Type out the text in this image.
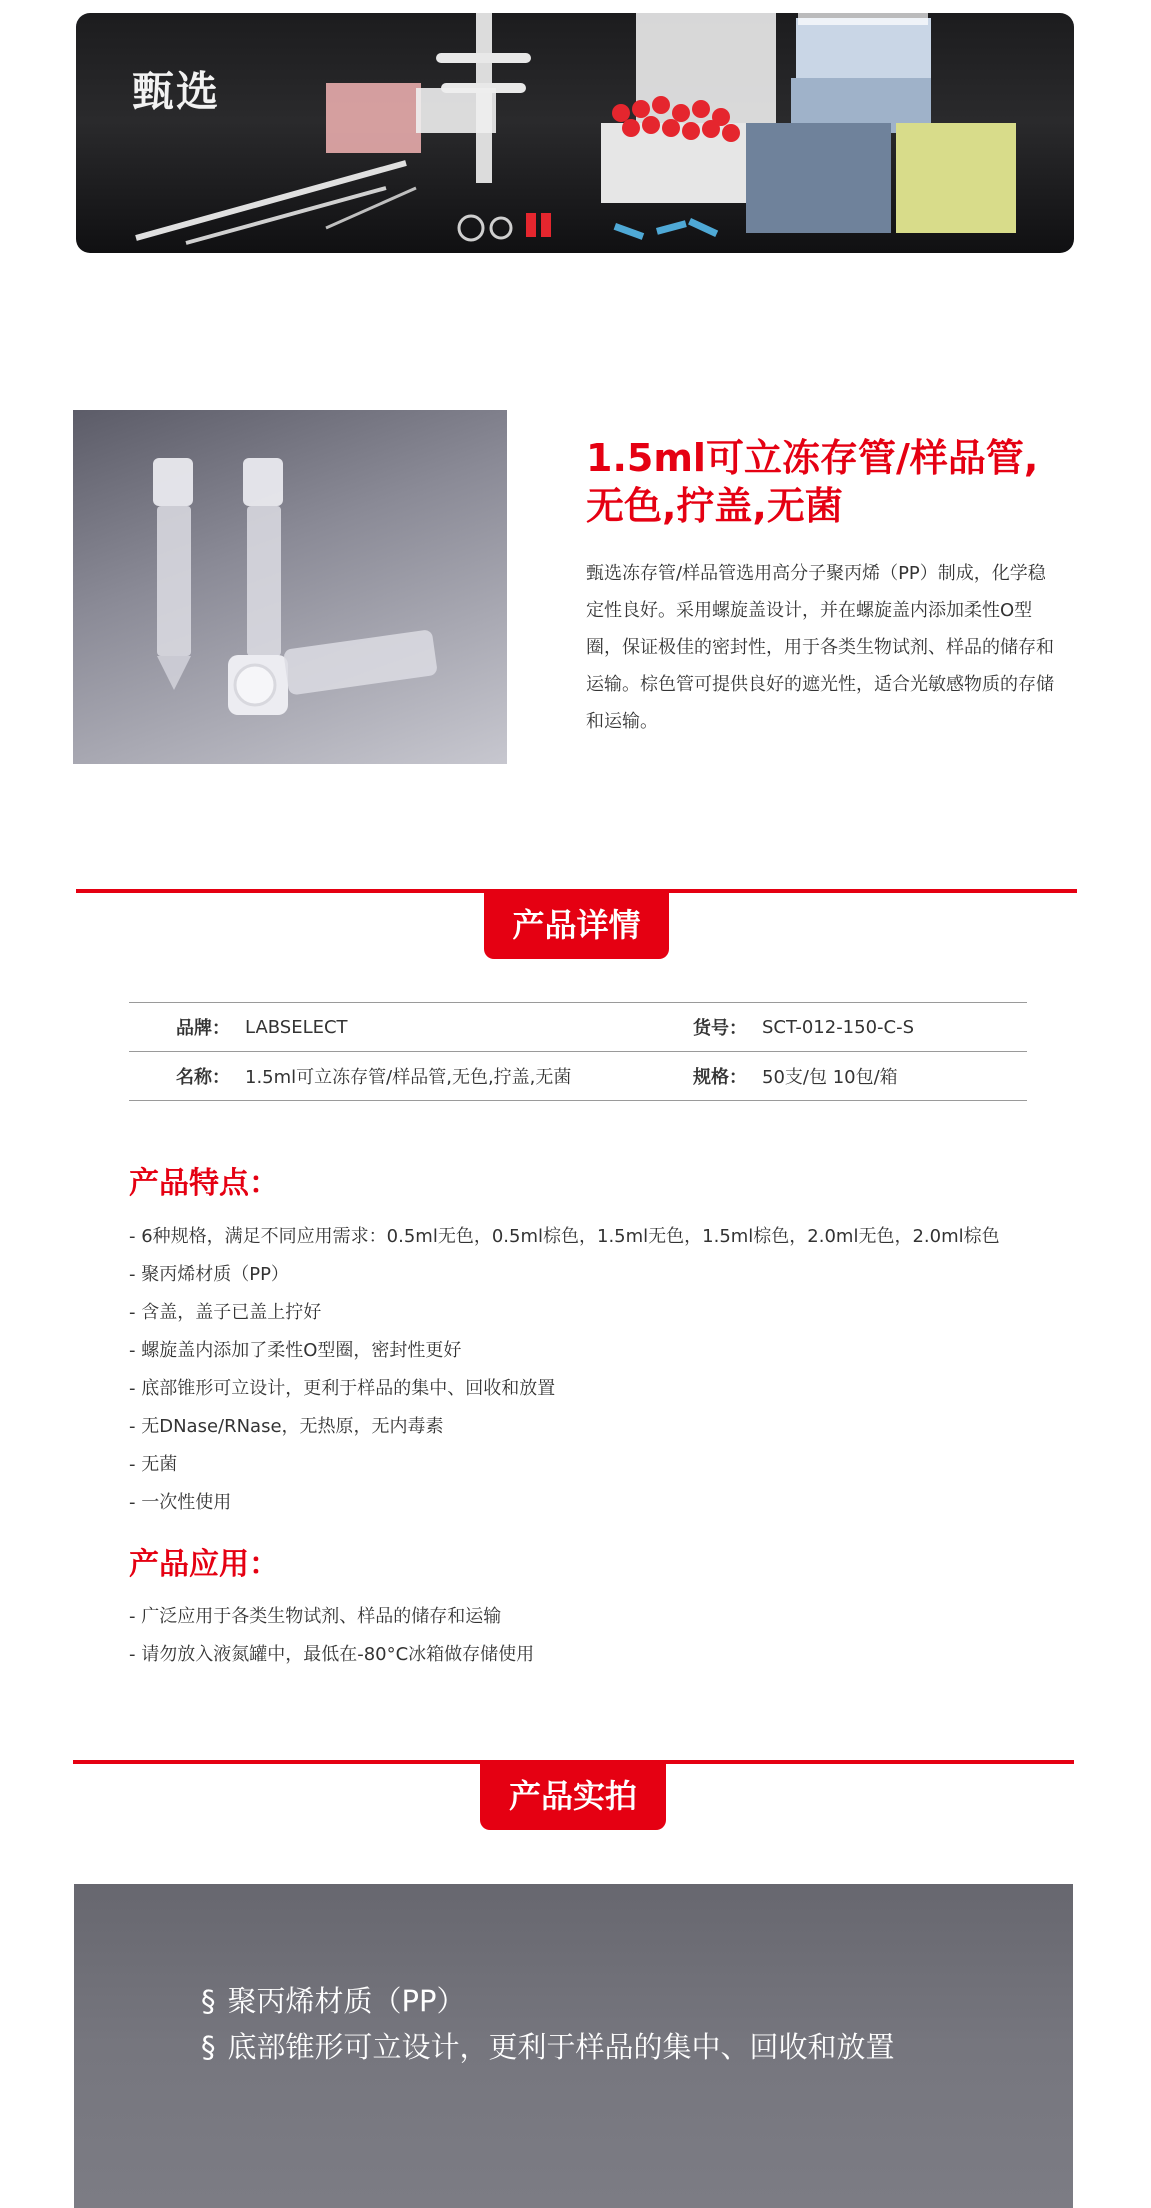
甄选
1.5ml可立冻存管/样品管,无色,拧盖,无菌
甄选冻存管/样品管选用高分子聚丙烯（PP）制成，化学稳定性良好。采用螺旋盖设计，并在螺旋盖内添加柔性O型圈，保证极佳的密封性，用于各类生物试剂、样品的储存和运输。棕色管可提供良好的遮光性，适合光敏感物质的存储和运输。
产品详情
品牌：	LABSELECT	货号：	SCT-012-150-C-S
名称：	1.5ml可立冻存管/样品管,无色,拧盖,无菌	规格：	50支/包 10包/箱
产品特点：
- 6种规格，满足不同应用需求：0.5ml无色，0.5ml棕色，1.5ml无色，1.5ml棕色，2.0ml无色，2.0ml棕色
- 聚丙烯材质（PP）
- 含盖，盖子已盖上拧好
- 螺旋盖内添加了柔性O型圈，密封性更好
- 底部锥形可立设计，更利于样品的集中、回收和放置
- 无DNase/RNase，无热原，无内毒素
- 无菌
- 一次性使用
产品应用：
- 广泛应用于各类生物试剂、样品的储存和运输
- 请勿放入液氮罐中，最低在-80°C冰箱做存储使用
产品实拍
§ 聚丙烯材质（PP）
§ 底部锥形可立设计，更利于样品的集中、回收和放置
